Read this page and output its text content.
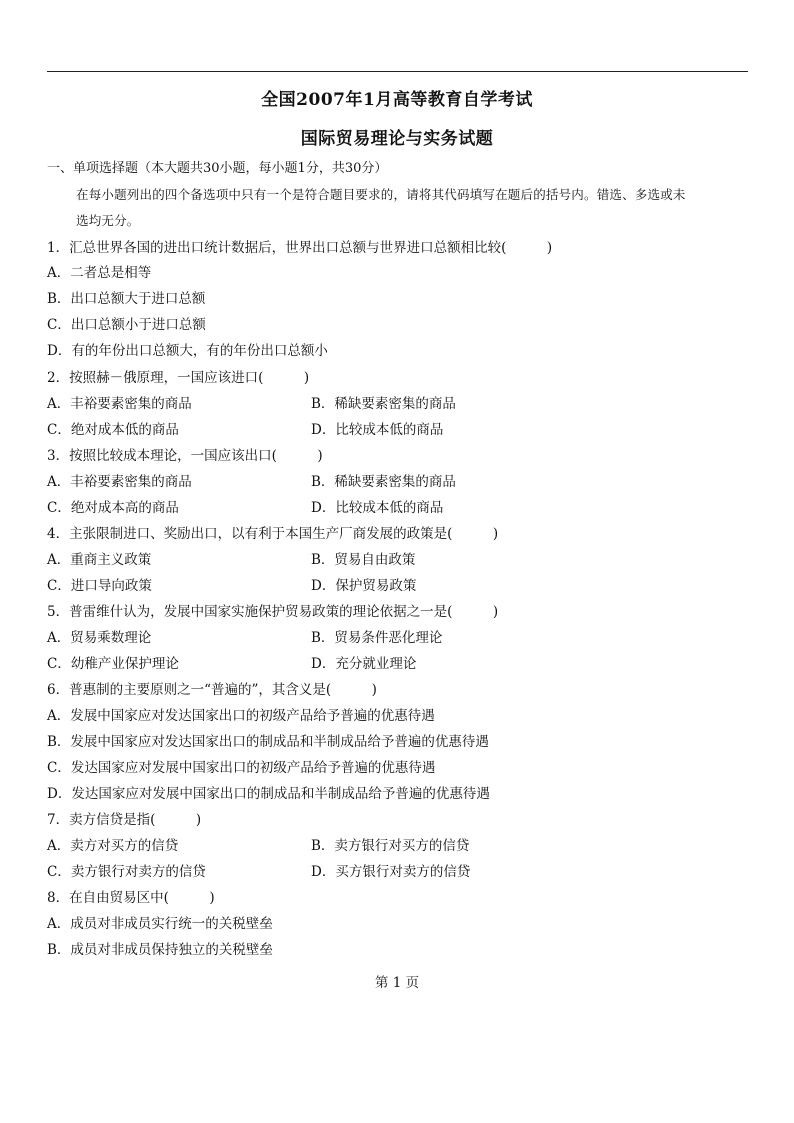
全国2007年1月高等教育自学考试
国际贸易理论与实务试题
一、单项选择题（本大题共30小题，每小题1分，共30分）
在每小题列出的四个备选项中只有一个是符合题目要求的，请将其代码填写在题后的括号内。错选、多选或未
选均无分。
1．汇总世界各国的进出口统计数据后，世界出口总额与世界进口总额相比较(　　　)
A．二者总是相等
B．出口总额大于进口总额
C．出口总额小于进口总额
D．有的年份出口总额大，有的年份出口总额小
2．按照赫－俄原理，一国应该进口(　　　)
A．丰裕要素密集的商品	B．稀缺要素密集的商品
C．绝对成本低的商品	D．比较成本低的商品
3．按照比较成本理论，一国应该出口(　　　)
A．丰裕要素密集的商品	B．稀缺要素密集的商品
C．绝对成本高的商品	D．比较成本低的商品
4．主张限制进口、奖励出口，以有利于本国生产厂商发展的政策是(　　　)
A．重商主义政策	B．贸易自由政策
C．进口导向政策	D．保护贸易政策
5．普雷维什认为，发展中国家实施保护贸易政策的理论依据之一是(　　　)
A．贸易乘数理论	B．贸易条件恶化理论
C．幼稚产业保护理论	D．充分就业理论
6．普惠制的主要原则之一“普遍的”，其含义是(　　　)
A．发展中国家应对发达国家出口的初级产品给予普遍的优惠待遇
B．发展中国家应对发达国家出口的制成品和半制成品给予普遍的优惠待遇
C．发达国家应对发展中国家出口的初级产品给予普遍的优惠待遇
D．发达国家应对发展中国家出口的制成品和半制成品给予普遍的优惠待遇
7．卖方信贷是指(　　　)
A．卖方对买方的信贷	B．卖方银行对买方的信贷
C．卖方银行对卖方的信贷	D．买方银行对卖方的信贷
8．在自由贸易区中(　　　)
A．成员对非成员实行统一的关税壁垒
B．成员对非成员保持独立的关税壁垒
第 1 页
